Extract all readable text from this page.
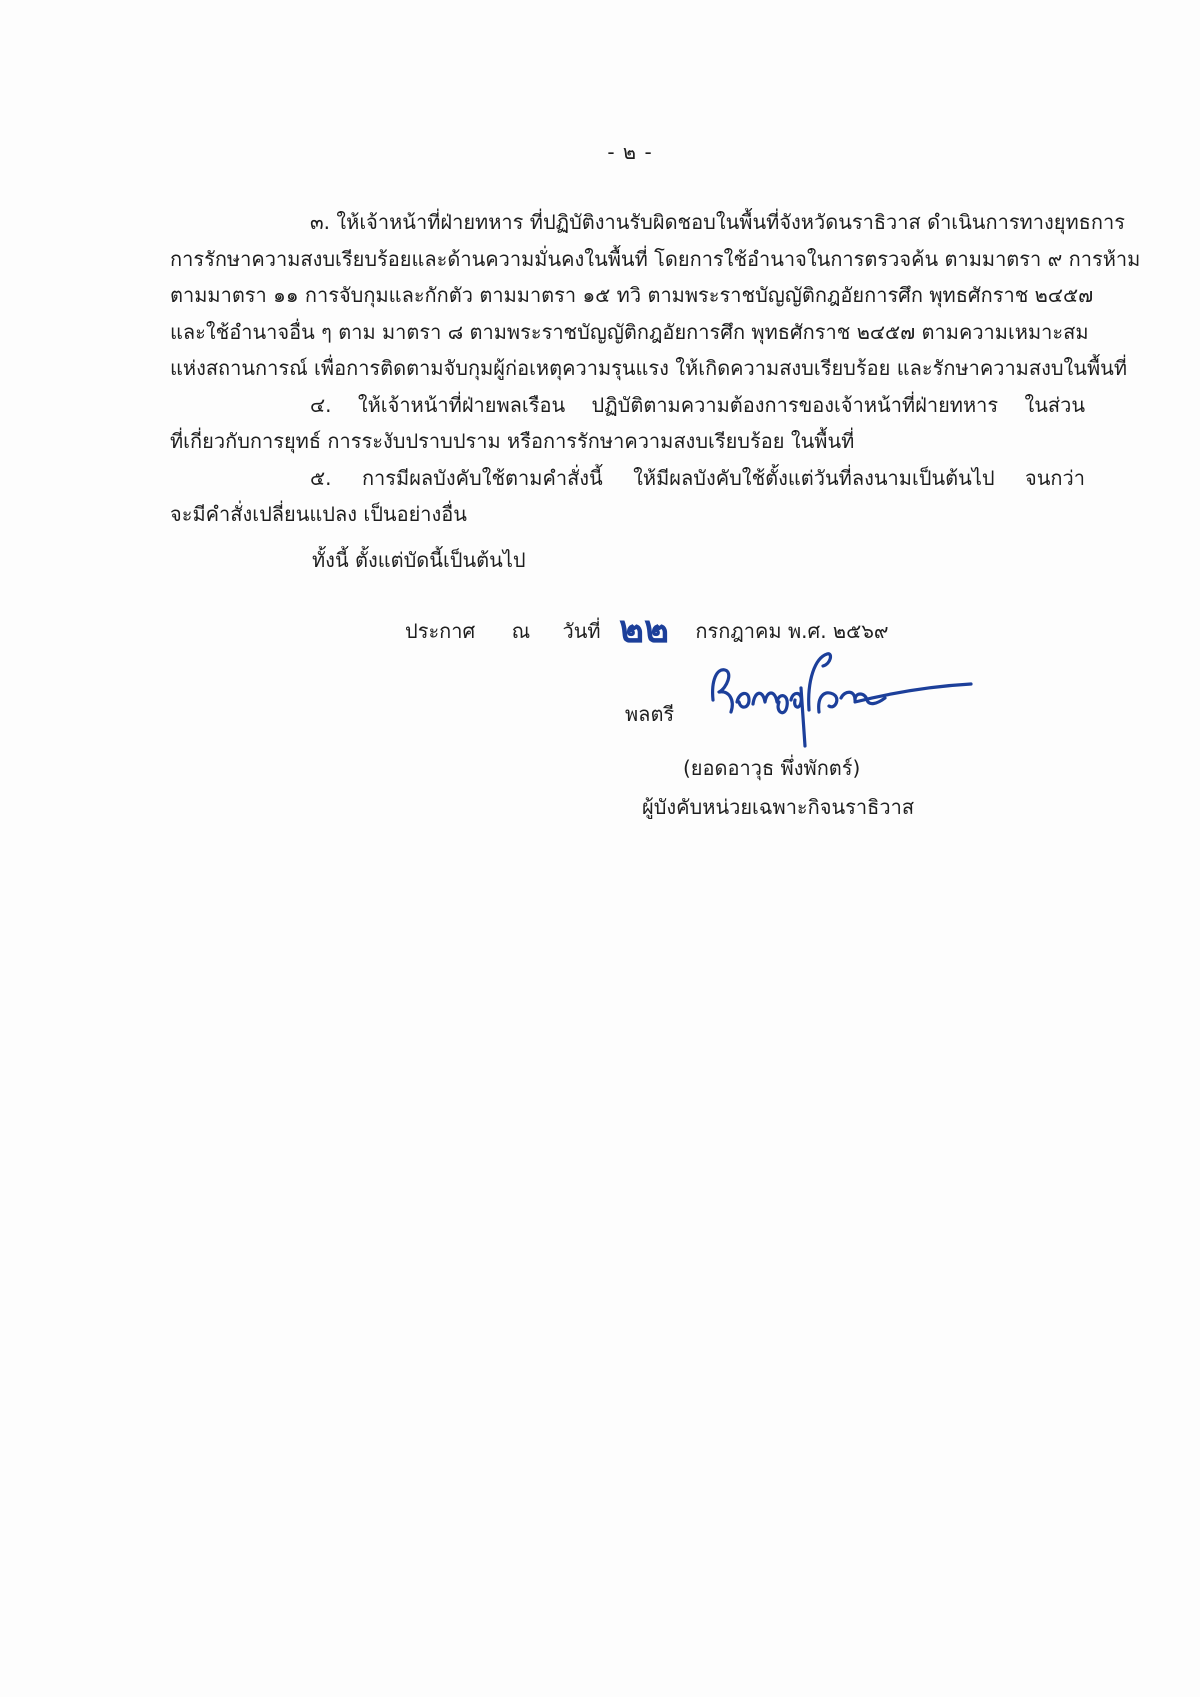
- ๒ -
๓. ให้เจ้าหน้าที่ฝ่ายทหาร ที่ปฏิบัติงานรับผิดชอบในพื้นที่จังหวัดนราธิวาส ดำเนินการทางยุทธการ
การรักษาความสงบเรียบร้อยและด้านความมั่นคงในพื้นที่ โดยการใช้อำนาจในการตรวจค้น ตามมาตรา ๙ การห้าม
ตามมาตรา ๑๑ การจับกุมและกักตัว ตามมาตรา ๑๕ ทวิ ตามพระราชบัญญัติกฎอัยการศึก พุทธศักราช ๒๔๕๗
และใช้อำนาจอื่น ๆ ตาม มาตรา ๘ ตามพระราชบัญญัติกฎอัยการศึก พุทธศักราช ๒๔๕๗ ตามความเหมาะสม
แห่งสถานการณ์ เพื่อการติดตามจับกุมผู้ก่อเหตุความรุนแรง ให้เกิดความสงบเรียบร้อย และรักษาความสงบในพื้นที่
๔. ให้เจ้าหน้าที่ฝ่ายพลเรือน ปฏิบัติตามความต้องการของเจ้าหน้าที่ฝ่ายทหาร ในส่วน
ที่เกี่ยวกับการยุทธ์ การระงับปราบปราม หรือการรักษาความสงบเรียบร้อย ในพื้นที่
๕. การมีผลบังคับใช้ตามคำสั่งนี้ ให้มีผลบังคับใช้ตั้งแต่วันที่ลงนามเป็นต้นไป จนกว่า
จะมีคำสั่งเปลี่ยนแปลง เป็นอย่างอื่น
ทั้งนี้ ตั้งแต่บัดนี้เป็นต้นไป
ประกาศ ณ วันที่ ๒๒ กรกฎาคม พ.ศ. ๒๕๖๙
พลตรี
(ยอดอาวุธ พึ่งพักตร์)
ผู้บังคับหน่วยเฉพาะกิจนราธิวาส
